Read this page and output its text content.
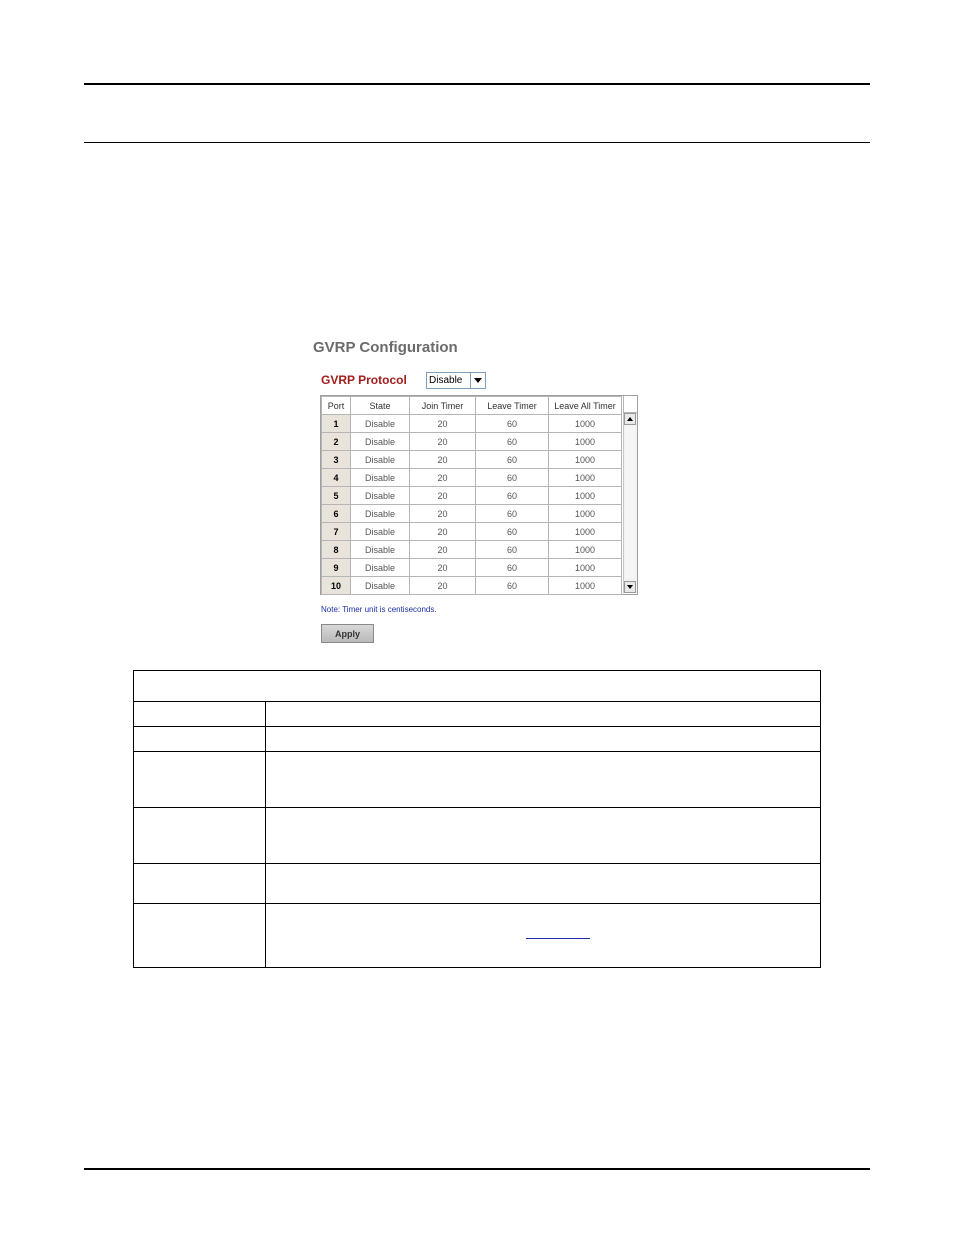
GVRP Configuration
GVRP Protocol Disable
Port	State	Join Timer	Leave Timer	Leave All Timer
1	Disable	20	60	1000
2	Disable	20	60	1000
3	Disable	20	60	1000
4	Disable	20	60	1000
5	Disable	20	60	1000
6	Disable	20	60	1000
7	Disable	20	60	1000
8	Disable	20	60	1000
9	Disable	20	60	1000
10	Disable	20	60	1000
Note: Timer unit is centiseconds.
Apply
